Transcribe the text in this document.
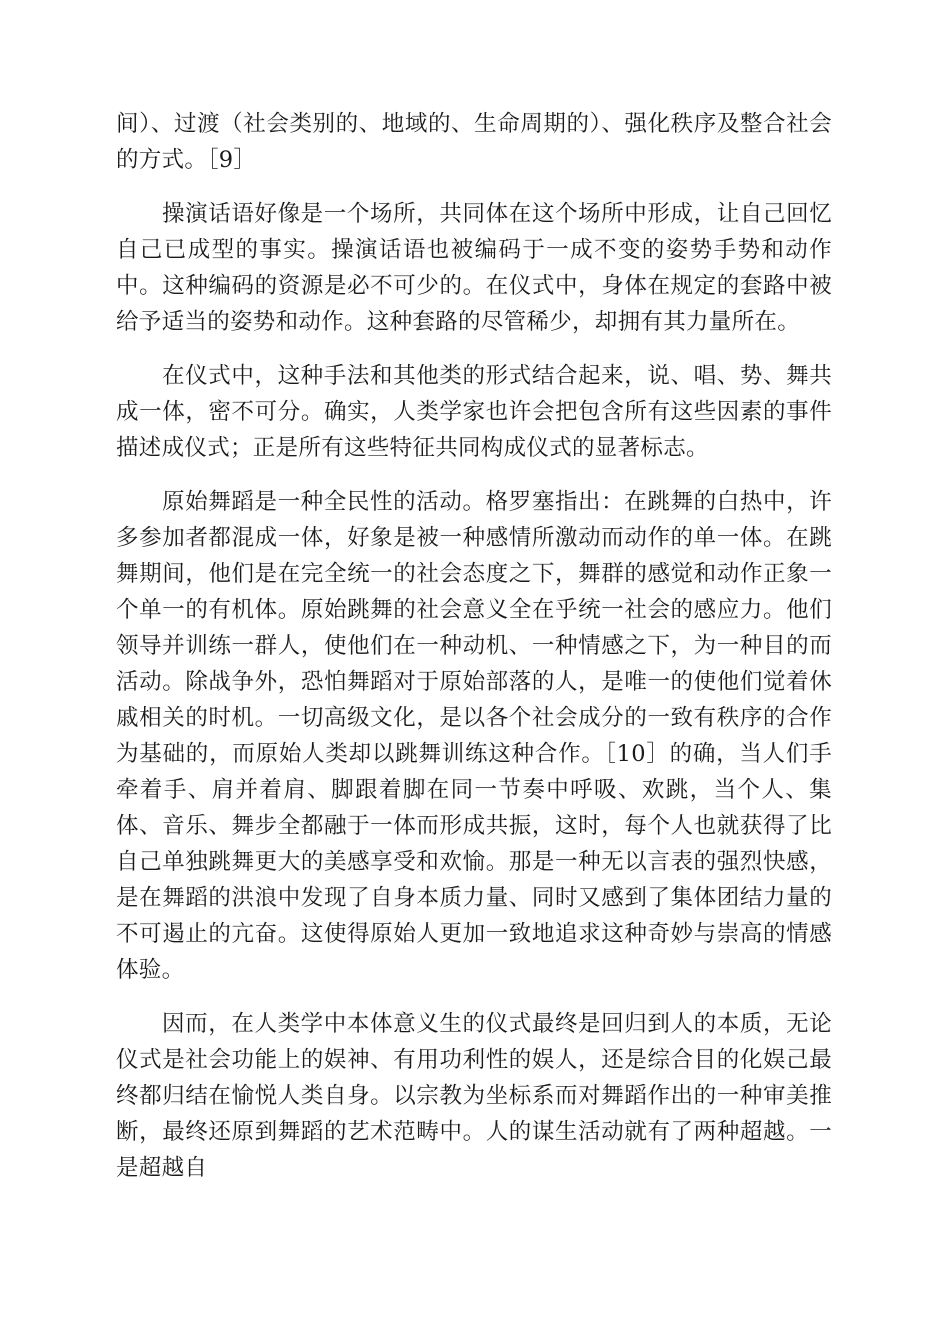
间）、过渡（社会类别的、地域的、生命周期的）、强化秩序及整合社会的方式。［9］

操演话语好像是一个场所，共同体在这个场所中形成，让自己回忆自己已成型的事实。操演话语也被编码于一成不变的姿势手势和动作中。这种编码的资源是必不可少的。在仪式中，身体在规定的套路中被给予适当的姿势和动作。这种套路的尽管稀少，却拥有其力量所在。

在仪式中，这种手法和其他类的形式结合起来，说、唱、势、舞共成一体，密不可分。确实，人类学家也许会把包含所有这些因素的事件描述成仪式；正是所有这些特征共同构成仪式的显著标志。

原始舞蹈是一种全民性的活动。格罗塞指出：在跳舞的白热中，许多参加者都混成一体，好象是被一种感情所激动而动作的单一体。在跳舞期间，他们是在完全统一的社会态度之下，舞群的感觉和动作正象一个单一的有机体。原始跳舞的社会意义全在乎统一社会的感应力。他们领导并训练一群人，使他们在一种动机、一种情感之下，为一种目的而活动。除战争外，恐怕舞蹈对于原始部落的人，是唯一的使他们觉着休戚相关的时机。一切高级文化，是以各个社会成分的一致有秩序的合作为基础的，而原始人类却以跳舞训练这种合作。［10］的确，当人们手牵着手、肩并着肩、脚跟着脚在同一节奏中呼吸、欢跳，当个人、集体、音乐、舞步全都融于一体而形成共振，这时，每个人也就获得了比自己单独跳舞更大的美感享受和欢愉。那是一种无以言表的强烈快感，是在舞蹈的洪浪中发现了自身本质力量、同时又感到了集体团结力量的不可遏止的亢奋。这使得原始人更加一致地追求这种奇妙与崇高的情感体验。

因而，在人类学中本体意义生的仪式最终是回归到人的本质，无论仪式是社会功能上的娱神、有用功利性的娱人，还是综合目的化娱己最终都归结在愉悦人类自身。以宗教为坐标系而对舞蹈作出的一种审美推断，最终还原到舞蹈的艺术范畴中。人的谋生活动就有了两种超越。一是超越自
